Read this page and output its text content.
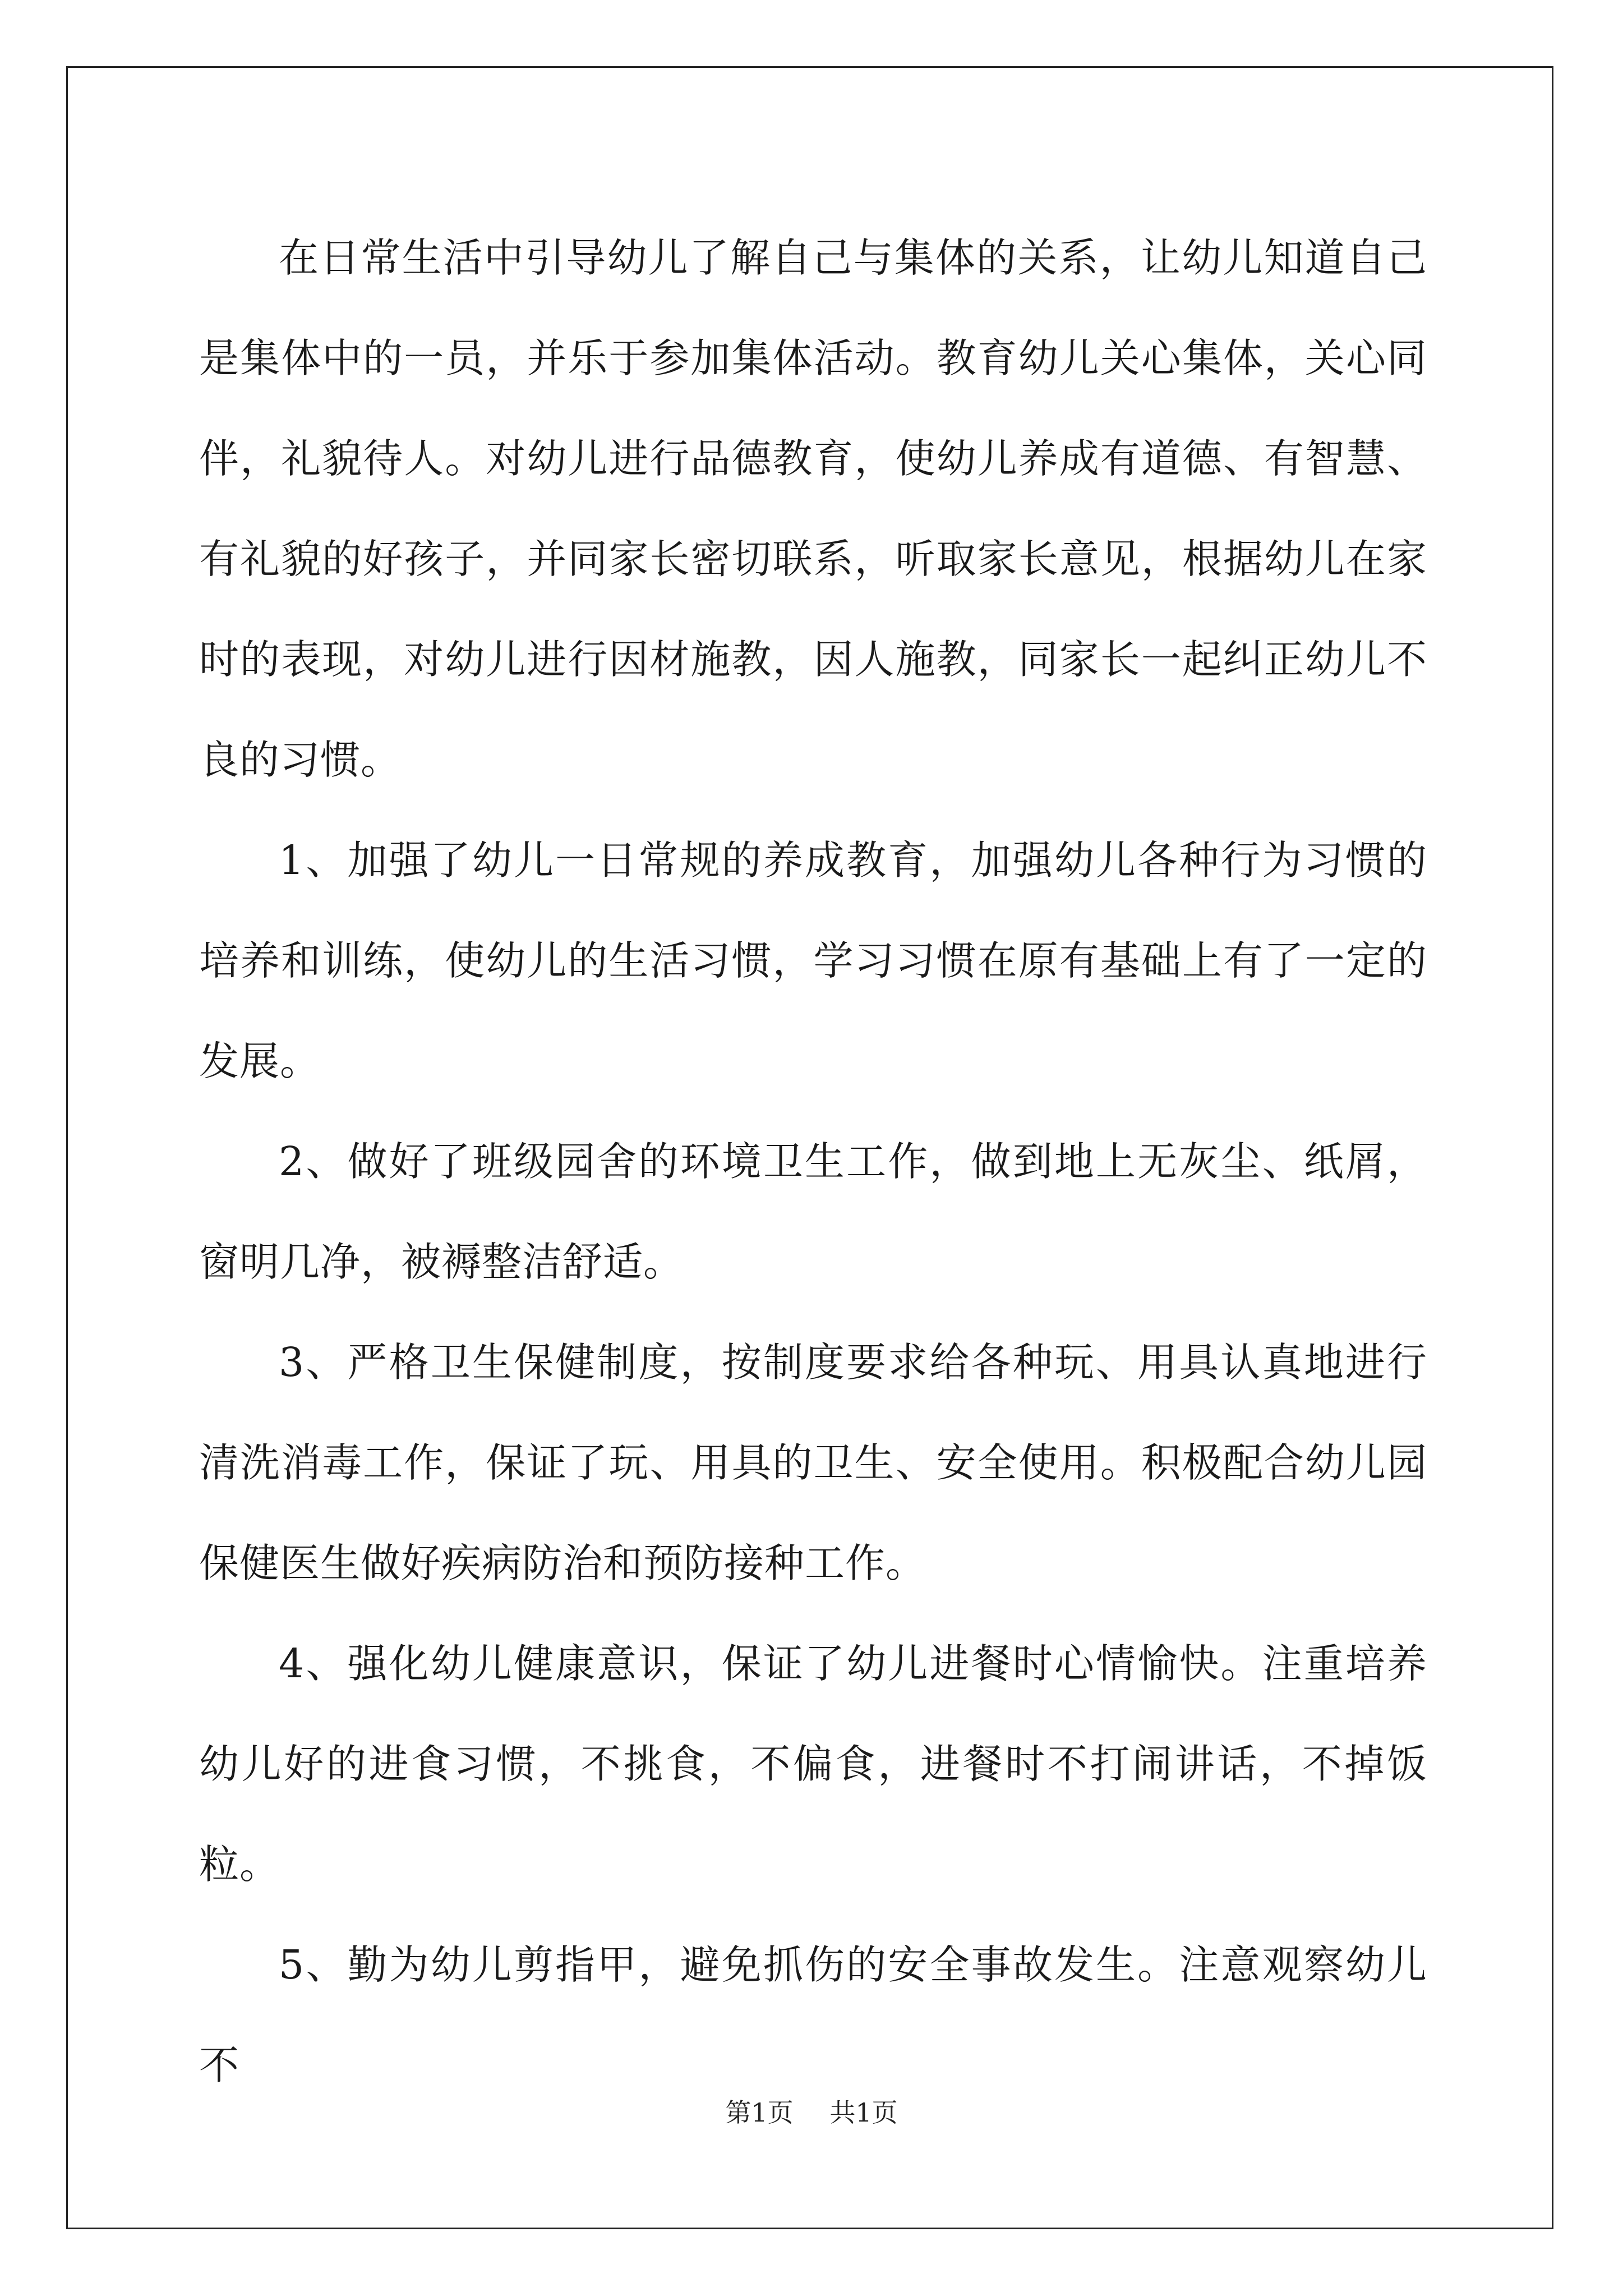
在日常生活中引导幼儿了解自己与集体的关系，让幼儿知道自己是集体中的一员，并乐于参加集体活动。教育幼儿关心集体，关心同伴，礼貌待人。对幼儿进行品德教育，使幼儿养成有道德、有智慧、有礼貌的好孩子，并同家长密切联系，听取家长意见，根据幼儿在家时的表现，对幼儿进行因材施教，因人施教，同家长一起纠正幼儿不良的习惯。

1、加强了幼儿一日常规的养成教育，加强幼儿各种行为习惯的培养和训练，使幼儿的生活习惯，学习习惯在原有基础上有了一定的发展。

2、做好了班级园舍的环境卫生工作，做到地上无灰尘、纸屑，窗明几净，被褥整洁舒适。

3、严格卫生保健制度，按制度要求给各种玩、用具认真地进行清洗消毒工作，保证了玩、用具的卫生、安全使用。积极配合幼儿园保健医生做好疾病防治和预防接种工作。

4、强化幼儿健康意识，保证了幼儿进餐时心情愉快。注重培养幼儿好的进食习惯，不挑食，不偏食，进餐时不打闹讲话，不掉饭粒。

5、勤为幼儿剪指甲，避免抓伤的安全事故发生。注意观察幼儿不

第1页 共1页
